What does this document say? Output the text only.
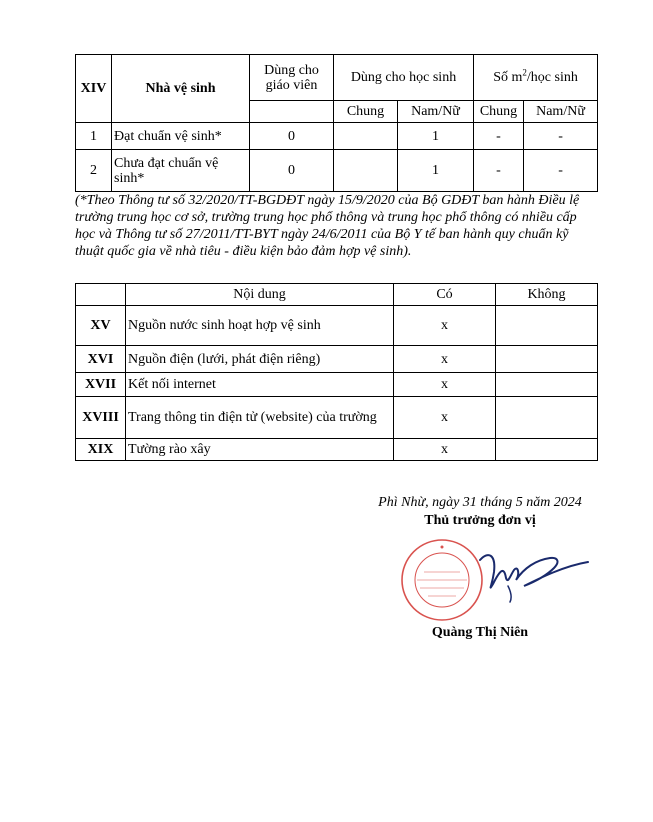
XIV	Nhà vệ sinh	Dùng cho giáo viên	Dùng cho học sinh		Số $m^2$/học sinh	
			Chung	Nam/Nữ	Chung	Nam/Nữ
1	Đạt chuẩn vệ sinh*	0		1	-	-
2	Chưa đạt chuẩn vệ sinh*	0		1	-	-
(*Theo Thông tư số 32/2020/TT-BGDĐT ngày 15/9/2020 của Bộ GDĐT ban hành Điều lệ trường trung học cơ sở, trường trung học phổ thông và trung học phổ thông có nhiều cấp học và Thông tư số 27/2011/TT-BYT ngày 24/6/2011 của Bộ Y tế ban hành quy chuẩn kỹ thuật quốc gia về nhà tiêu - điều kiện bảo đảm hợp vệ sinh).
	Nội dung	Có	Không
XV	Nguồn nước sinh hoạt hợp vệ sinh	x	
XVI	Nguồn điện (lưới, phát điện riêng)	x	
XVII	Kết nối internet	x	
XVIII	Trang thông tin điện tử (website) của trường	x	
XIX	Tường rào xây	x	
Phì Nhừ, ngày 31 tháng 5 năm 2024
Thủ trưởng đơn vị
Quàng Thị Niên
